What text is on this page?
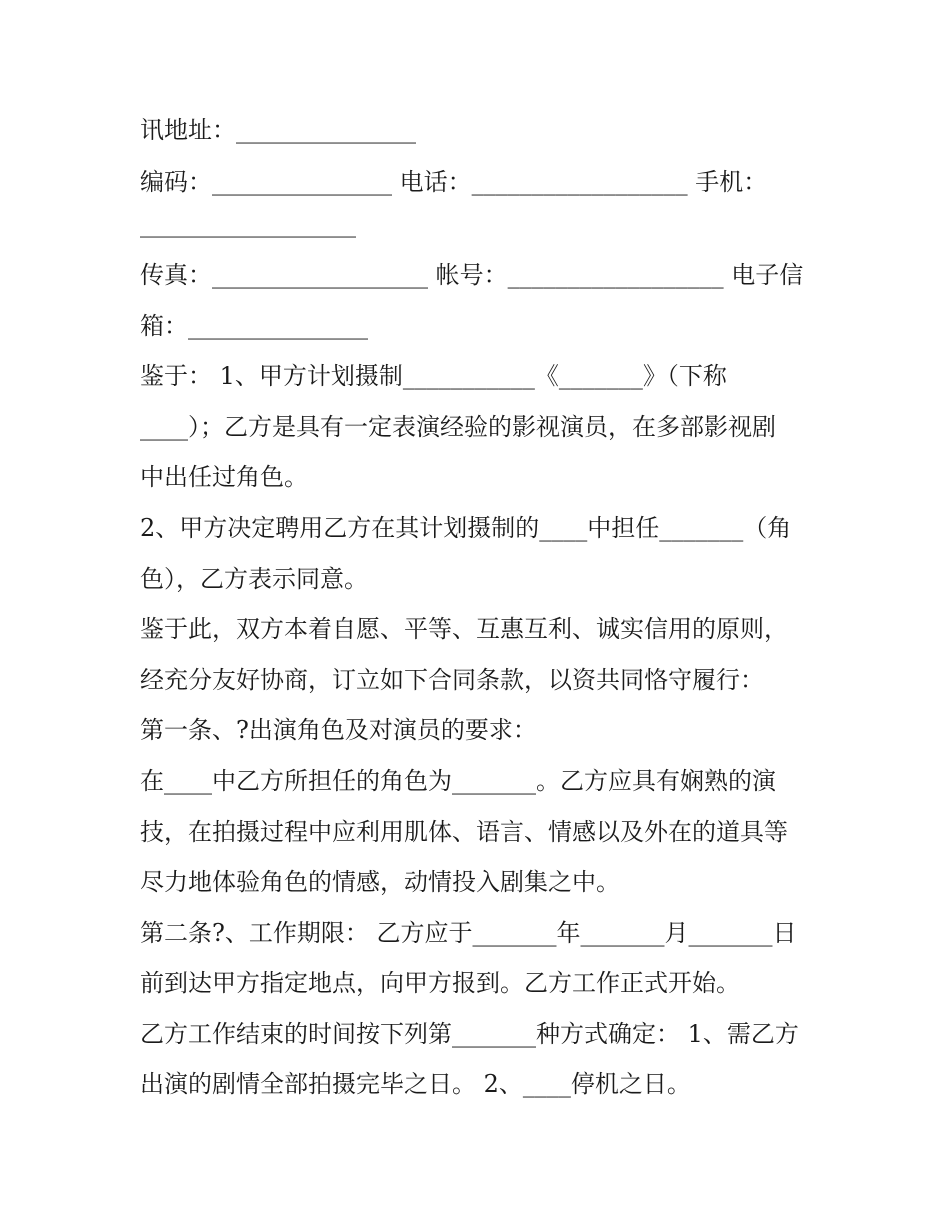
讯地址：_______________
编码：_______________ 电话：__________________ 手机：
__________________
传真：__________________ 帐号：__________________ 电子信
箱：_______________
鉴于： 1、甲方计划摄制___________《_______》（下称
____）；乙方是具有一定表演经验的影视演员，在多部影视剧
中出任过角色。
2、甲方决定聘用乙方在其计划摄制的____中担任_______（角
色），乙方表示同意。
鉴于此，双方本着自愿、平等、互惠互利、诚实信用的原则，
经充分友好协商，订立如下合同条款，以资共同恪守履行：
第一条、?出演角色及对演员的要求：
在____中乙方所担任的角色为_______。乙方应具有娴熟的演
技，在拍摄过程中应利用肌体、语言、情感以及外在的道具等
尽力地体验角色的情感，动情投入剧集之中。
第二条?、工作期限： 乙方应于_______年_______月_______日
前到达甲方指定地点，向甲方报到。乙方工作正式开始。
乙方工作结束的时间按下列第_______种方式确定： 1、需乙方
出演的剧情全部拍摄完毕之日。 2、____停机之日。
